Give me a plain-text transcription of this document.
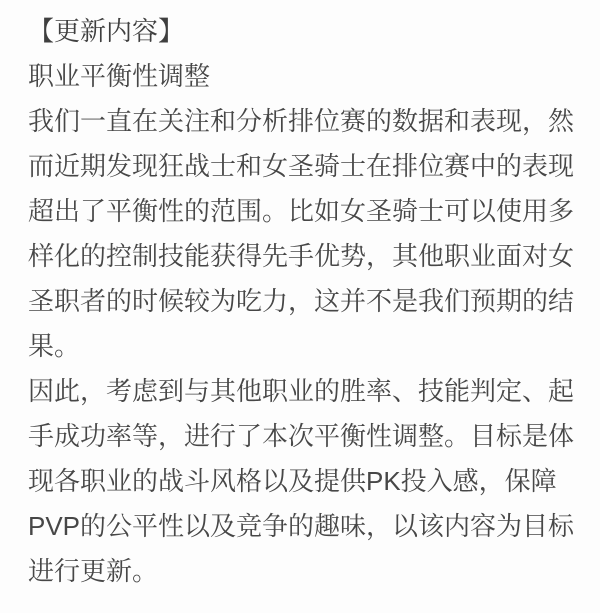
【更新内容】
职业平衡性调整
我们一直在关注和分析排位赛的数据和表现，然
而近期发现狂战士和女圣骑士在排位赛中的表现
超出了平衡性的范围。比如女圣骑士可以使用多
样化的控制技能获得先手优势，其他职业面对女
圣职者的时候较为吃力，这并不是我们预期的结
果。
因此，考虑到与其他职业的胜率、技能判定、起
手成功率等，进行了本次平衡性调整。目标是体
现各职业的战斗风格以及提供PK投入感，保障
PVP的公平性以及竞争的趣味，以该内容为目标
进行更新。
